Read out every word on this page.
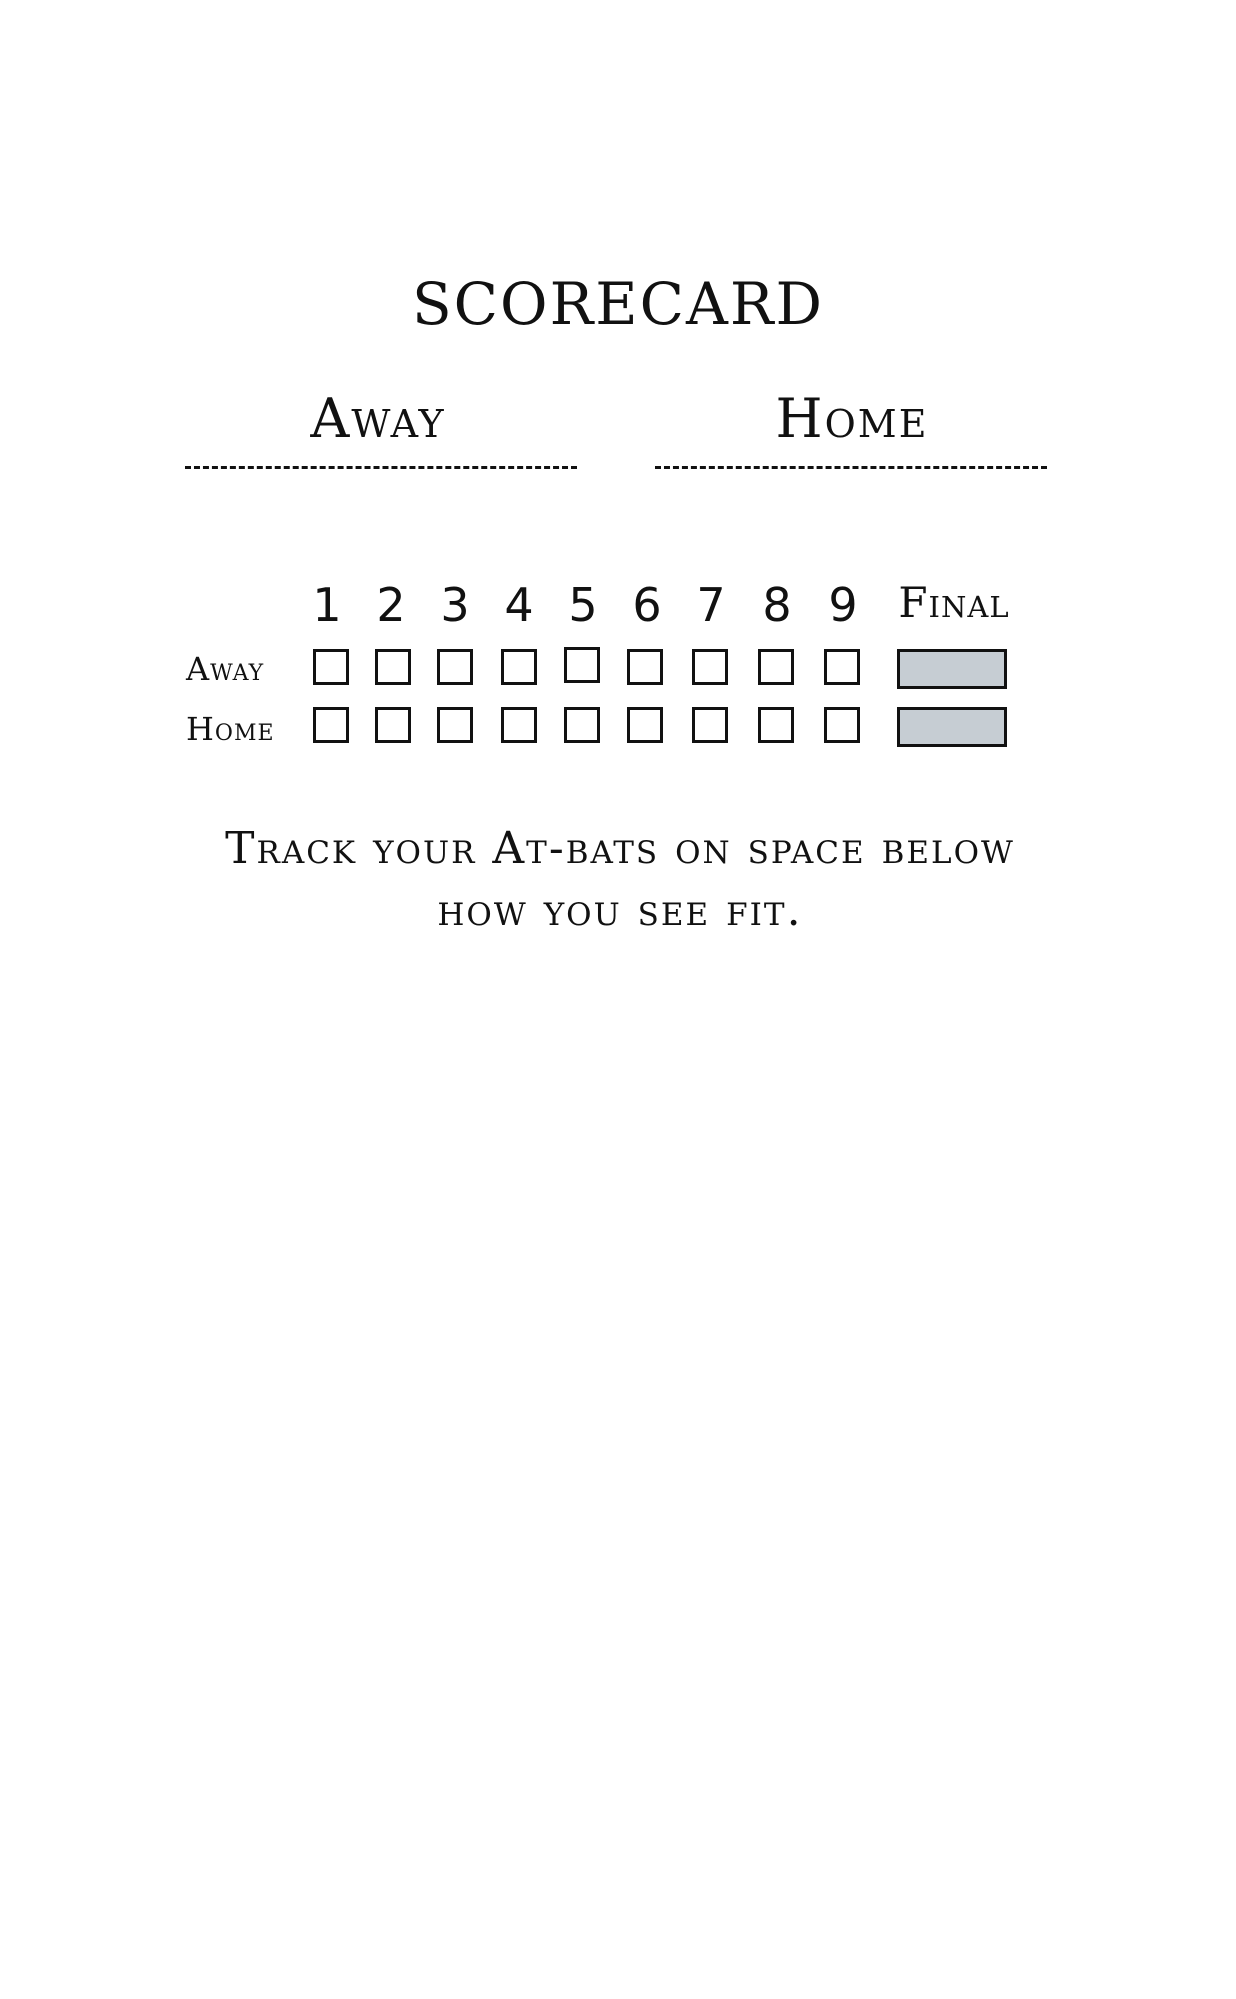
SCORECARD
Away	Home
1 2 3 4 5 6 7 8 9 Final
Away
Home
Track your At-bats on space below
how you see fit.
